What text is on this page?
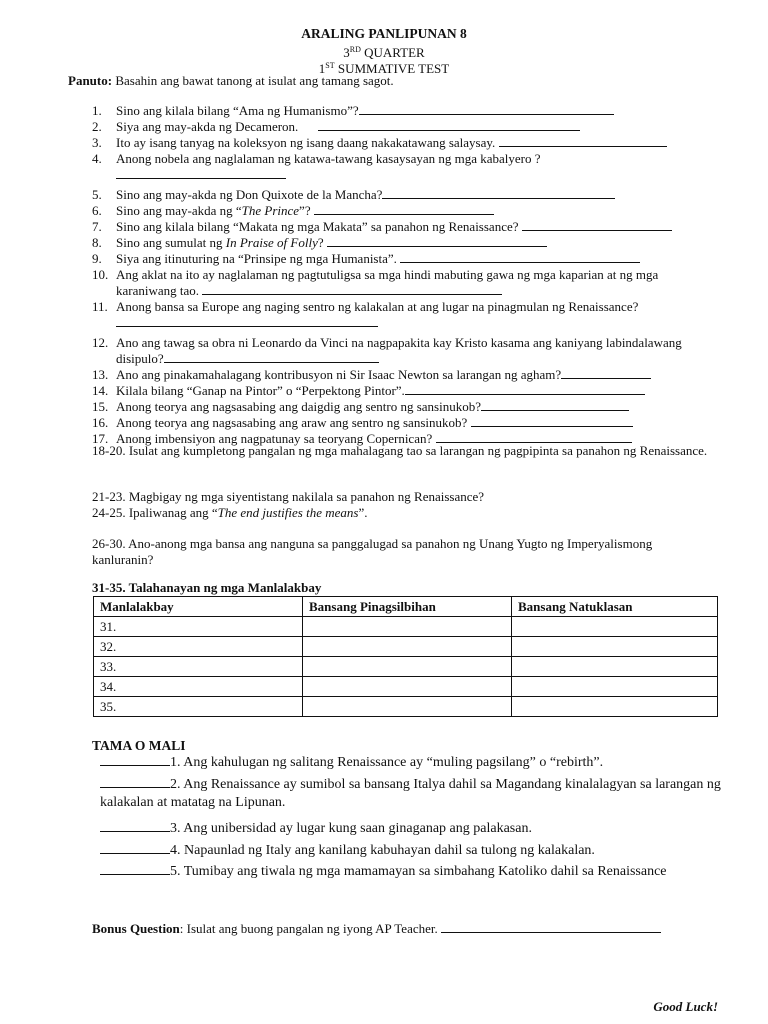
ARALING PANLIPUNAN 8
3RD QUARTER
1ST SUMMATIVE TEST
Panuto: Basahin ang bawat tanong at isulat ang tamang sagot.
1.	Sino ang kilala bilang “Ama ng Humanismo”?
2.	Siya ang may-akda ng Decameron.
3.	Ito ay isang tanyag na koleksyon ng isang daang nakakatawang salaysay.
4.	Anong nobela ang naglalaman ng katawa-tawang kasaysayan ng mga kabalyero ?

5.	Sino ang may-akda ng Don Quixote de la Mancha?
6.	Sino ang may-akda ng “The Prince”?
7.	Sino ang kilala bilang “Makata ng mga Makata” sa panahon ng Renaissance?
8.	Sino ang sumulat ng In Praise of Folly?
9.	Siya ang itinuturing na “Prinsipe ng mga Humanista”.
10. Ang aklat na ito ay naglalaman ng pagtutuligsa sa mga hindi mabuting gawa ng mga kaparian at ng mga karaniwang tao.
11. Anong bansa sa Europe ang naging sentro ng kalakalan at ang lugar na pinagmulan ng Renaissance?

12. Ano ang tawag sa obra ni Leonardo da Vinci na nagpapakita kay Kristo kasama ang kaniyang labindalawang disipulo?
13. Ano ang pinakamahalagang kontribusyon ni Sir Isaac Newton sa larangan ng agham?
14. Kilala bilang “Ganap na Pintor” o “Perpektong Pintor”.
15. Anong teorya ang nagsasabing ang daigdig ang sentro ng sansinukob?
16. Anong teorya ang nagsasabing ang araw ang sentro ng sansinukob?
17. Anong imbensiyon ang nagpatunay sa teoryang Copernican?
18-20. Isulat ang kumpletong pangalan ng mga mahalagang tao sa larangan ng pagpipinta sa panahon ng Renaissance.
21-23. Magbigay ng mga siyentistang nakilala sa panahon ng Renaissance?
24-25. Ipaliwanag ang “The end justifies the means”.
26-30. Ano-anong mga bansa ang nanguna sa panggalugad sa panahon ng Unang Yugto ng Imperyalismong kanluranin?
31-35. Talahanayan ng mga Manlalakbay
Manlalakbay	Bansang Pinagsilbihan	Bansang Natuklasan
31.		
32.		
33.		
34.		
35.		
TAMA O MALI
1. Ang kahulugan ng salitang Renaissance ay “muling pagsilang” o “rebirth”.
2. Ang Renaissance ay sumibol sa bansang Italya dahil sa Magandang kinalalagyan sa larangan ng kalakalan at matatag na Lipunan.
3. Ang unibersidad ay lugar kung saan ginaganap ang palakasan.
4. Napaunlad ng Italy ang kanilang kabuhayan dahil sa tulong ng kalakalan.
5. Tumibay ang tiwala ng mga mamamayan sa simbahang Katoliko dahil sa Renaissance
Bonus Question: Isulat ang buong pangalan ng iyong AP Teacher.
Good Luck!
